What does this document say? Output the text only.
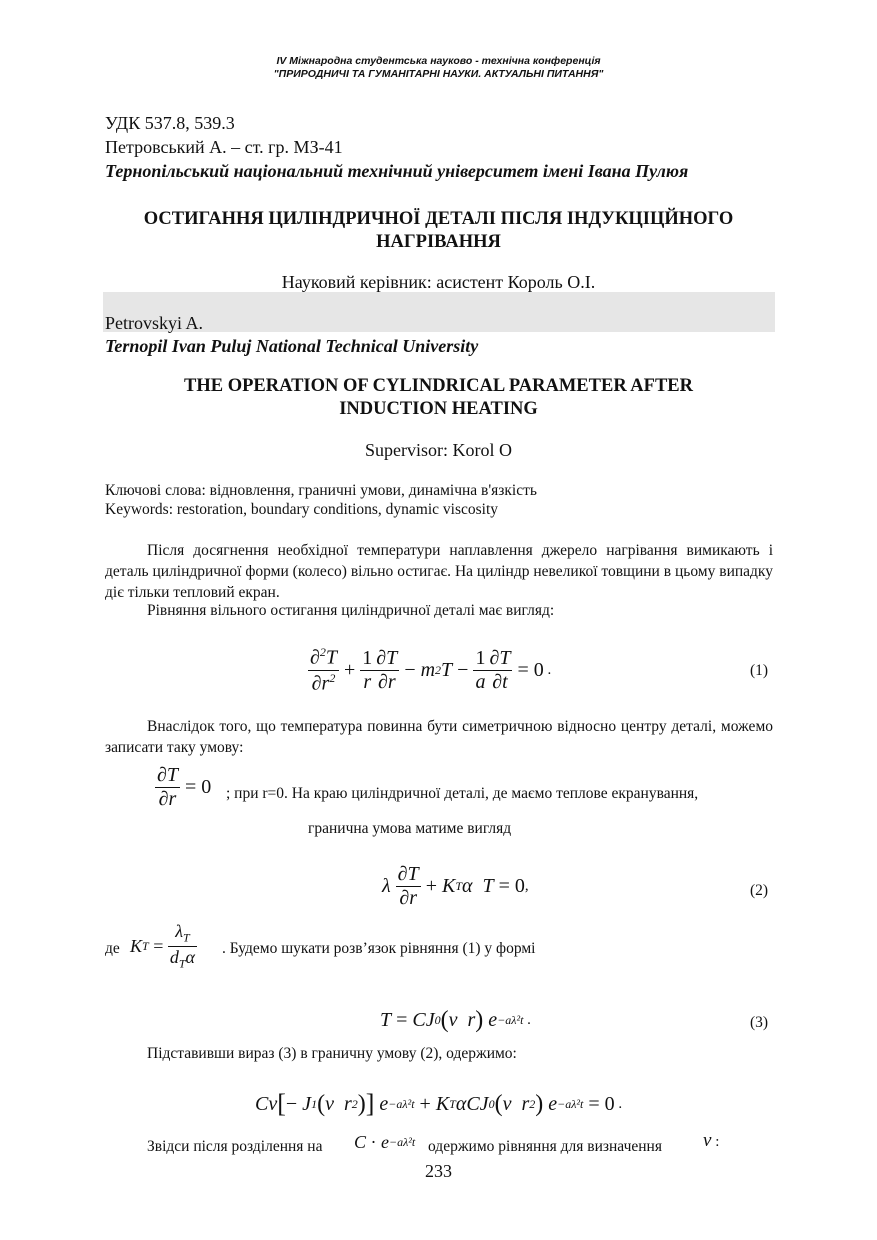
IV Міжнародна студентська науково - технічна конференція
"ПРИРОДНИЧІ ТА ГУМАНІТАРНІ НАУКИ. АКТУАЛЬНІ ПИТАННЯ"
УДК 537.8, 539.3
Петровський А. – ст. гр. МЗ-41
Тернопільський національний технічний університет імені Івана Пулюя
ОСТИГАННЯ ЦИЛІНДРИЧНОЇ ДЕТАЛІ ПІСЛЯ ІНДУКЦІЦЙНОГО
НАГРІВАННЯ
Науковий керівник: асистент Король О.І.
Petrovskyi A.
Ternopil Ivan Puluj National Technical University
THE OPERATION OF CYLINDRICAL PARAMETER AFTER
INDUCTION HEATING
Supervisor: Korol O
Ключові слова: відновлення, граничні умови, динамічна в'язкість
Keywords: restoration, boundary conditions, dynamic viscosity
Після досягнення необхідної температури наплавлення джерело нагрівання вимикають і деталь циліндричної форми (колесо) вільно остигає. На циліндр невеликої товщини в цьому випадку діє тільки тепловий екран.
Рівняння вільного остигання циліндричної деталі має вигляд:
$\frac{\partial^2T}{\partial r^2}$
+
$\frac{1}{r} \frac{\partial T}{\partial r}$
− m 2 T −
$\frac{1}{a} \frac{\partial T}{\partial t}$
= 0 .	(1)
Внаслідок того, що температура повинна бути симетричною відносно центру деталі, можемо записати таку умову:
$\frac{\partial T}{\partial r}$
= 0 ; при r=0. На краю циліндричної деталі, де маємо теплове екранування,
гранична умова матиме вигляд
λ $\frac{\partial T}{\partial r}$
+ K T α  T = 0 ,	(2)
де K T
=
$\frac{\lambda_T}{d_T\alpha}$ . Будемо шукати розв’язок рівняння (1) у формі
T = CJ 0 ( ν  r ) e −aλ²t .	(3)
Підставивши вираз (3) в граничну умову (2), одержимо:
Cν [ − J 1 ( ν  r 2 ) ] e −aλ²t
+ K T αCJ 0 ( ν  r 2 ) e −aλ²t
= 0 .
Звідси після розділення на C · e −aλ²t одержимо рівняння для визначення ν :
233
